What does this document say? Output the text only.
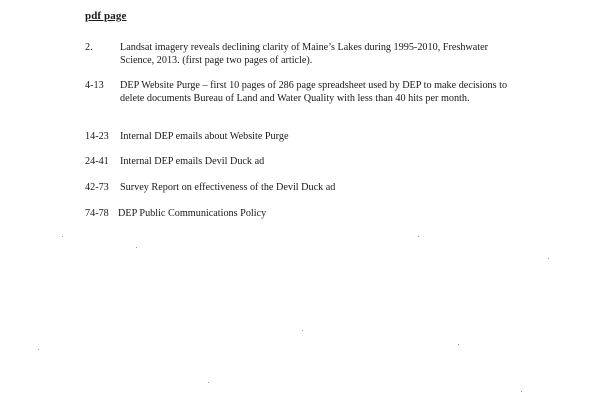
pdf page
2.	Landsat imagery reveals declining clarity of Maine’s Lakes during 1995-2010, Freshwater Science, 2013. (first page two pages of article).
4-13 DEP Website Purge – first 10 pages of 286 page spreadsheet used by DEP to make decisions to delete documents Bureau of Land and Water Quality with less than 40 hits per month.
14-23 Internal DEP emails about Website Purge
24-41 Internal DEP emails Devil Duck ad
42-73 Survey Report on effectiveness of the Devil Duck ad
74-78 DEP Public Communications Policy
